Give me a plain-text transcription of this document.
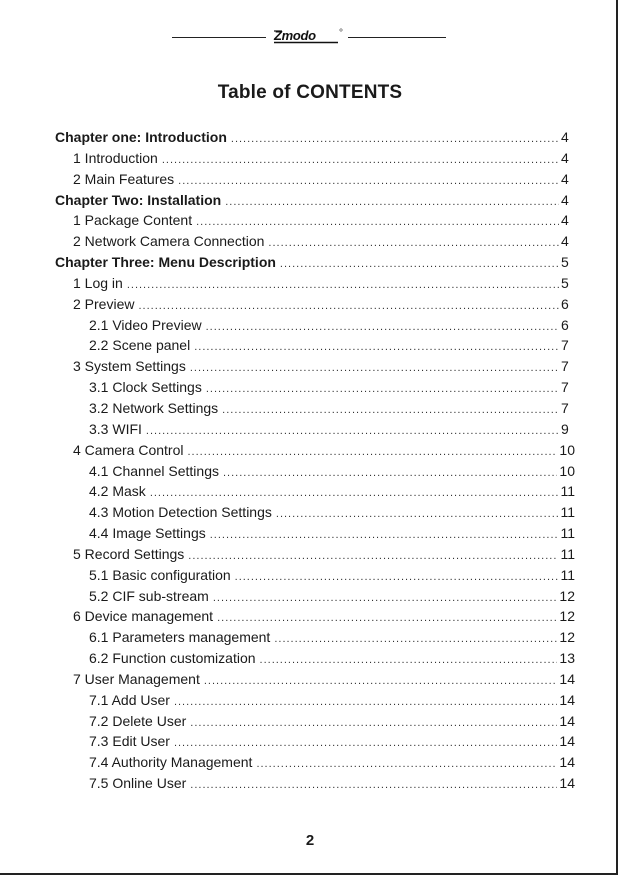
Zmodo
Table of CONTENTS
Chapter one: Introduction .....	4
1 Introduction .....	4
2 Main Features .....	4
Chapter Two: Installation .....	4
1 Package Content .....	4
2 Network Camera Connection .....	4
Chapter Three: Menu Description .....	5
1 Log in .....	5
2 Preview .....	6
2.1 Video Preview .....	6
2.2 Scene panel .....	7
3 System Settings .....	7
3.1 Clock Settings .....	7
3.2 Network Settings .....	7
3.3 WIFI .....	9
4 Camera Control .....	10
4.1 Channel Settings .....	10
4.2 Mask .....	11
4.3 Motion Detection Settings .....	11
4.4 Image Settings .....	11
5 Record Settings .....	11
5.1 Basic configuration .....	11
5.2 CIF sub-stream .....	12
6 Device management .....	12
6.1 Parameters management .....	12
6.2 Function customization .....	13
7 User Management .....	14
7.1 Add User .....	14
7.2 Delete User .....	14
7.3 Edit User .....	14
7.4 Authority Management .....	14
7.5 Online User .....	14
2
